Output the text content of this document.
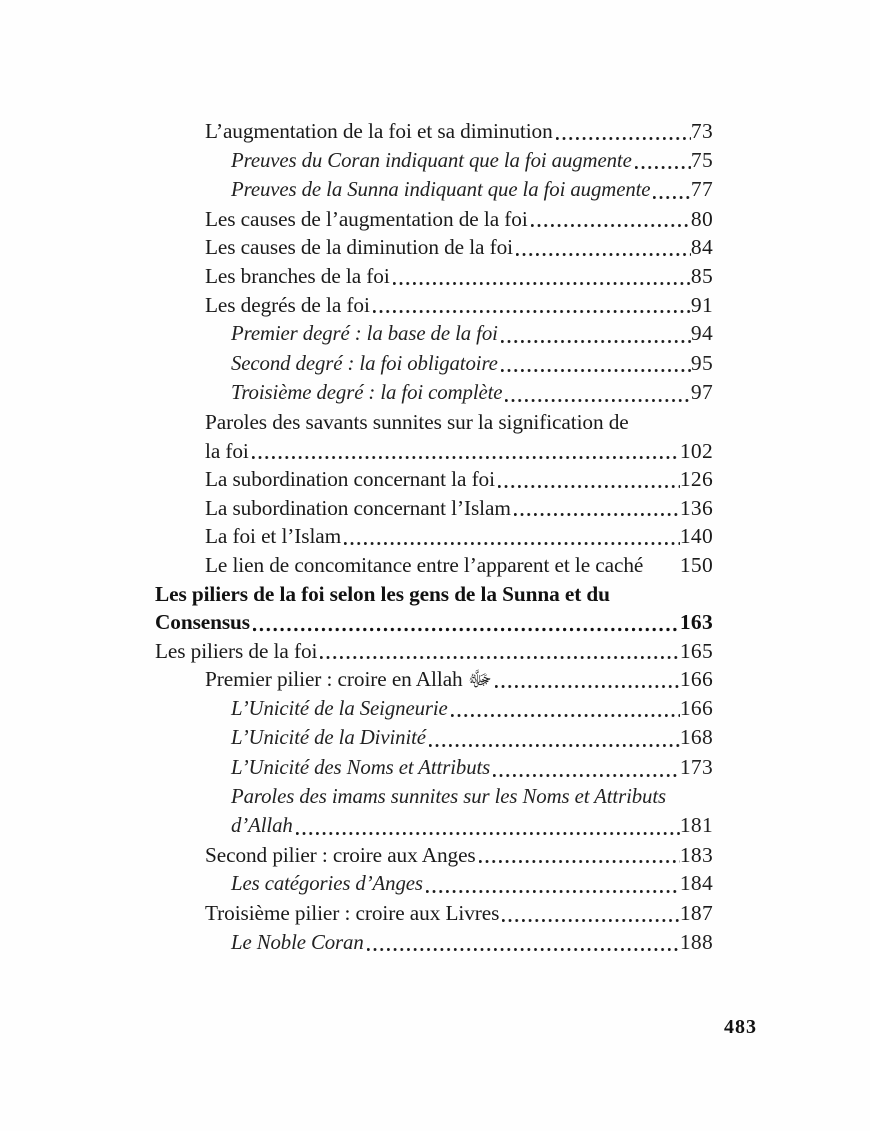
L’augmentation de la foi et sa diminution	73
Preuves du Coran indiquant que la foi augmente	75
Preuves de la Sunna indiquant que la foi augmente 77
Les causes de l’augmentation de la foi	80
Les causes de la diminution de la foi	84
Les branches de la foi	85
Les degrés de la foi	91
Premier degré : la base de la foi	94
Second degré : la foi obligatoire	95
Troisième degré : la foi complète	97
Paroles des savants sunnites sur la signification de
la foi	102
La subordination concernant la foi	126
La subordination concernant l’Islam	136
La foi et l’Islam	140
Le lien de concomitance entre l’apparent et le caché 150
Les piliers de la foi selon les gens de la Sunna et du
Consensus	163
Les piliers de la foi	165
Premier pilier : croire en Allah ﷻ	166
L’Unicité de la Seigneurie	166
L’Unicité de la Divinité	168
L’Unicité des Noms et Attributs	173
Paroles des imams sunnites sur les Noms et Attributs
d’Allah	181
Second pilier : croire aux Anges	183
Les catégories d’Anges	184
Troisième pilier : croire aux Livres	187
Le Noble Coran	188
483
